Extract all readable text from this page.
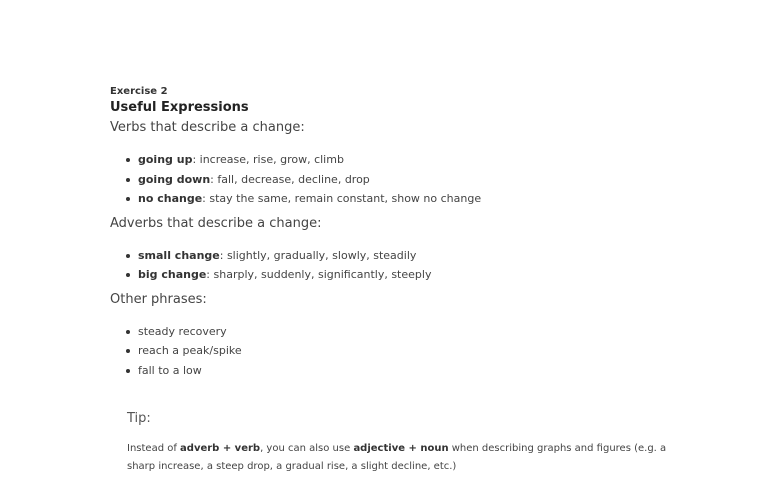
Exercise 2
Useful Expressions
Verbs that describe a change:
going up: increase, rise, grow, climb
going down: fall, decrease, decline, drop
no change: stay the same, remain constant, show no change
Adverbs that describe a change:
small change: slightly, gradually, slowly, steadily
big change: sharply, suddenly, significantly, steeply
Other phrases:
steady recovery
reach a peak/spike
fall to a low
Tip:
Instead of adverb + verb, you can also use adjective + noun when describing graphs and figures (e.g. a sharp increase, a steep drop, a gradual rise, a slight decline, etc.)
